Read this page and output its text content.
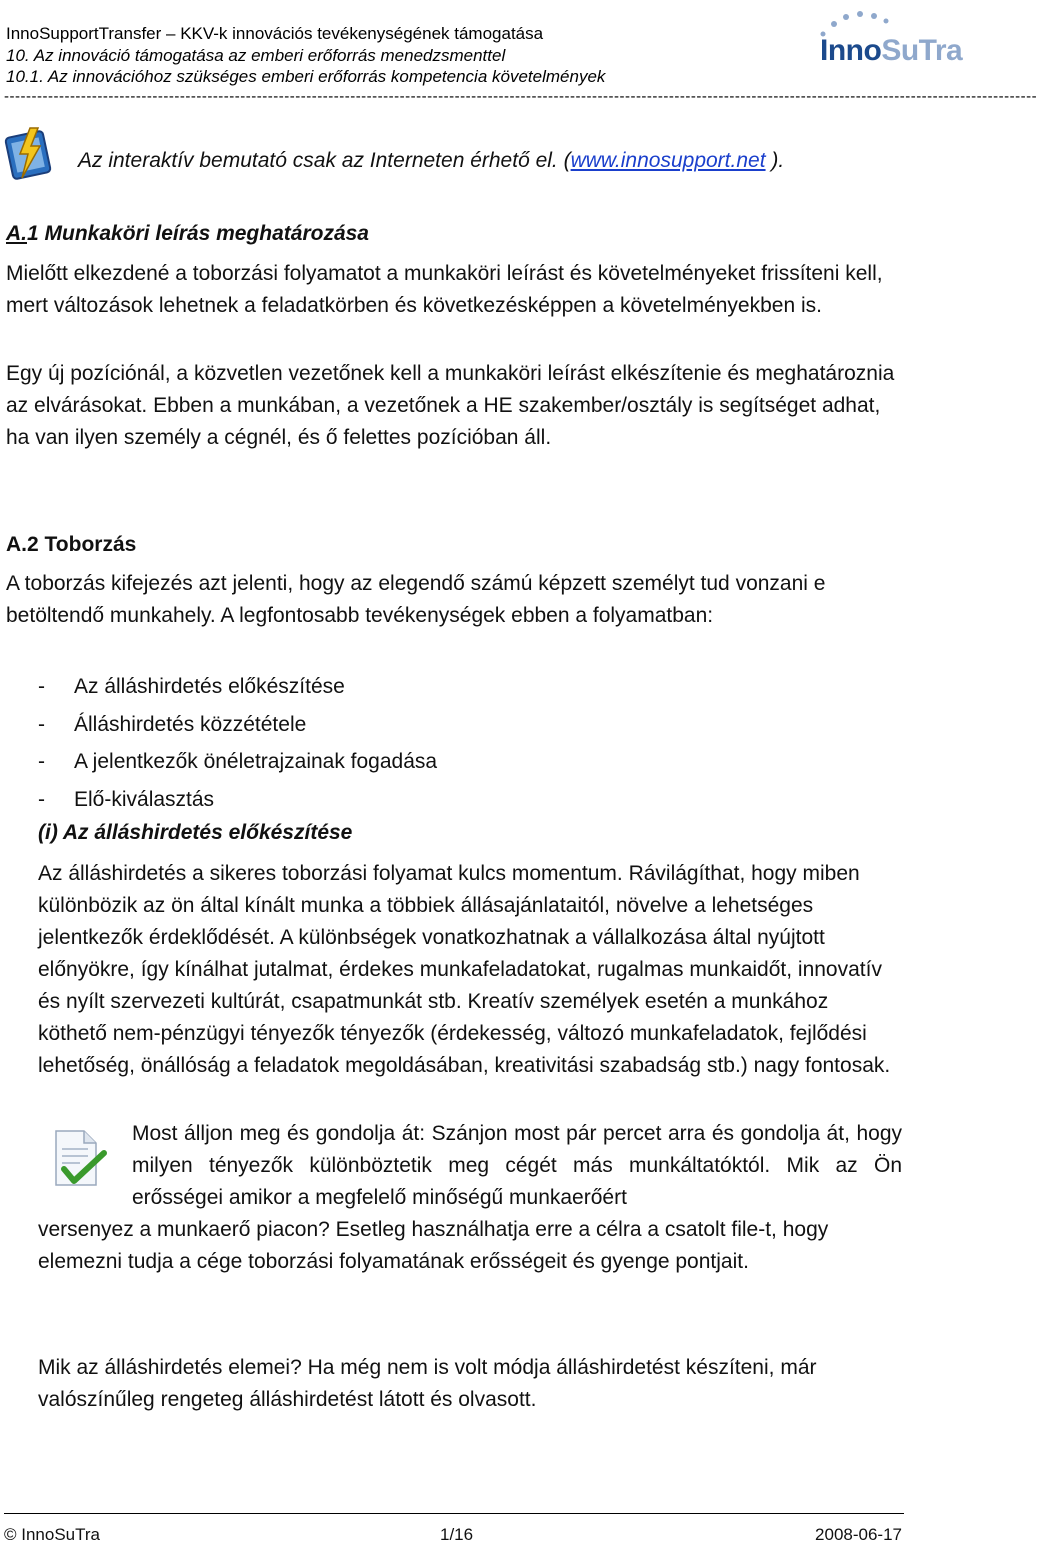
InnoSupportTransfer – KKV-k innovációs tevékenységének támogatása
10. Az innováció támogatása az emberi erőforrás menedzsmenttel
10.1. Az innovációhoz szükséges emberi erőforrás kompetencia követelmények
--------------------------------------------------------------------------------------------------------------------------------------------------------------------------------------------
InnoSuTra
Az interaktív bemutató csak az Interneten érhető el. (www.innosupport.net ).
A.1 Munkaköri leírás meghatározása
Mielőtt elkezdené a toborzási folyamatot a munkaköri leírást és követelményeket frissíteni kell, mert változások lehetnek a feladatkörben és következésképpen a követelményekben is.
Egy új pozíciónál, a közvetlen vezetőnek kell a munkaköri leírást elkészítenie és meghatároznia az elvárásokat. Ebben a munkában, a vezetőnek a HE szakember/osztály is segítséget adhat, ha van ilyen személy a cégnél, és ő felettes pozícióban áll.
A.2 Toborzás
A toborzás kifejezés azt jelenti, hogy az elegendő számú képzett személyt tud vonzani e betöltendő munkahely. A legfontosabb tevékenységek ebben a folyamatban:
- Az álláshirdetés előkészítése
- Álláshirdetés közzététele
- A jelentkezők önéletrajzainak fogadása
- Elő-kiválasztás
(i) Az álláshirdetés előkészítése
Az álláshirdetés a sikeres toborzási folyamat kulcs momentum. Rávilágíthat, hogy miben különbözik az ön által kínált munka a többiek állásajánlataitól, növelve a lehetséges jelentkezők érdeklődését. A különbségek vonatkozhatnak a vállalkozása által nyújtott előnyökre, így kínálhat jutalmat, érdekes munkafeladatokat, rugalmas munkaidőt, innovatív és nyílt szervezeti kultúrát, csapatmunkát stb. Kreatív személyek esetén a munkához köthető nem-pénzügyi tényezők tényezők (érdekesség, változó munkafeladatok, fejlődési lehetőség, önállóság a feladatok megoldásában, kreativitási szabadság stb.) nagy fontosak.
Most álljon meg és gondolja át: Szánjon most pár percet arra és gondolja át, hogy milyen tényezők különböztetik meg cégét más munkáltatóktól. Mik az Ön erősségei amikor a megfelelő minőségű munkaerőért
versenyez a munkaerő piacon? Esetleg használhatja erre a célra a csatolt file-t, hogy elemezni tudja a cége toborzási folyamatának erősségeit és gyenge pontjait.
Mik az álláshirdetés elemei? Ha még nem is volt módja álláshirdetést készíteni, már valószínűleg rengeteg álláshirdetést látott és olvasott.
© InnoSuTra	1/16	2008-06-17
